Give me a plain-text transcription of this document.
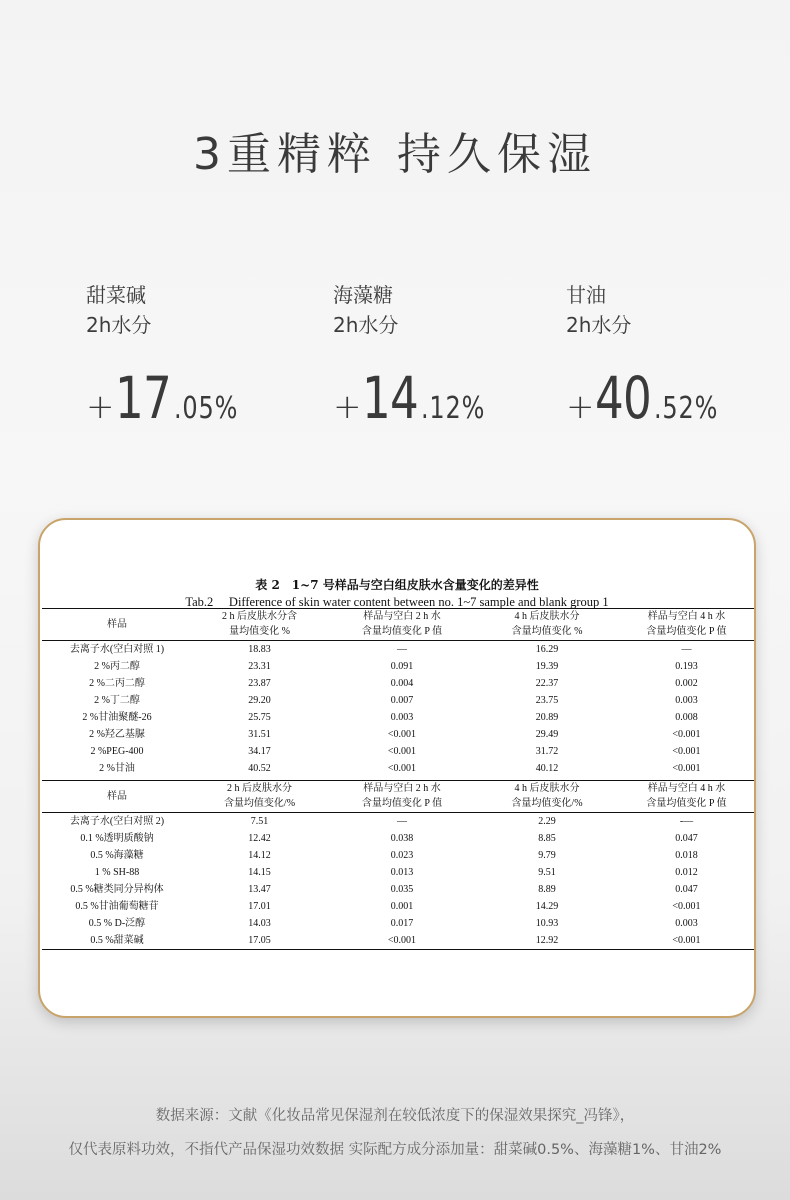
3重精粹 持久保湿
甜菜碱
2h水分
+ 17 .05%
海藻糖
2h水分
+ 14 .12%
甘油
2h水分
+ 40 .52%
表 2　1~7 号样品与空白组皮肤水含量变化的差异性
Tab.2　 Difference of skin water content between no. 1~7 sample and blank group 1
样品	2 h 后皮肤水分含	样品与空白 2 h 水	4 h 后皮肤水分	样品与空白 4 h 水
	量均值变化 %	含量均值变化 P 值	含量均值变化 %	含量均值变化 P 值
去离子水(空白对照 1)	18.83	—	16.29	—
2 %丙二醇	23.31	0.091	19.39	0.193
2 %二丙二醇	23.87	0.004	22.37	0.002
2 %丁二醇	29.20	0.007	23.75	0.003
2 %甘油聚醚-26	25.75	0.003	20.89	0.008
2 %羟乙基脲	31.51	<0.001	29.49	<0.001
2 %PEG-400	34.17	<0.001	31.72	<0.001
2 %甘油	40.52	<0.001	40.12	<0.001
样品	2 h 后皮肤水分	样品与空白 2 h 水	4 h 后皮肤水分	样品与空白 4 h 水
	含量均值变化/%	含量均值变化 P 值	含量均值变化/%	含量均值变化 P 值
去离子水(空白对照 2)	7.51	—	2.29	-—
0.1 %透明质酸钠	12.42	0.038	8.85	0.047
0.5 %海藻糖	14.12	0.023	9.79	0.018
1 % SH-88	14.15	0.013	9.51	0.012
0.5 %糖类同分异构体	13.47	0.035	8.89	0.047
0.5 %甘油葡萄糖苷	17.01	0.001	14.29	<0.001
0.5 % D-泛醇	14.03	0.017	10.93	0.003
0.5 %甜菜碱	17.05	<0.001	12.92	<0.001
数据来源：文献《化妆品常见保湿剂在较低浓度下的保湿效果探究_冯锋》，
仅代表原料功效，不指代产品保湿功效数据 实际配方成分添加量：甜菜碱0.5%、海藻糖1%、甘油2%
